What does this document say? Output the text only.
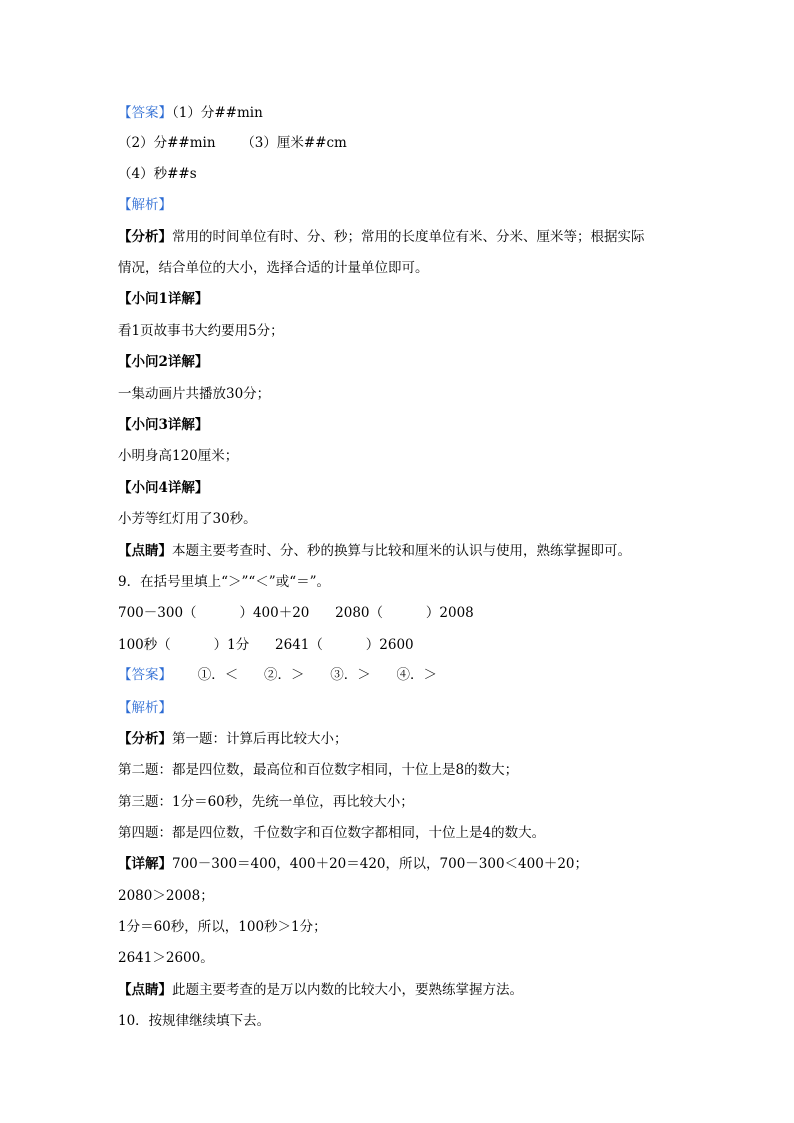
【答案】（1）分##min
（2）分##min      （3）厘米##cm
（4）秒##s
【解析】
【分析】常用的时间单位有时、分、秒；常用的长度单位有米、分米、厘米等；根据实际
情况，结合单位的大小，选择合适的计量单位即可。
【小问1详解】
看1页故事书大约要用5分；
【小问2详解】
一集动画片共播放30分；
【小问3详解】
小明身高120厘米；
【小问4详解】
小芳等红灯用了30秒。
【点睛】本题主要考查时、分、秒的换算与比较和厘米的认识与使用，熟练掌握即可。
9．在括号里填上“＞”“＜”或“＝”。
700－300（          ）400＋20      2080（          ）2008
100秒（          ）1分      2641（          ）2600
【答案】      ①．＜      ②．＞      ③．＞      ④．＞
【解析】
【分析】第一题：计算后再比较大小；
第二题：都是四位数，最高位和百位数字相同，十位上是8的数大；
第三题：1分＝60秒，先统一单位，再比较大小；
第四题：都是四位数，千位数字和百位数字都相同，十位上是4的数大。
【详解】700－300＝400，400＋20＝420，所以，700－300＜400＋20；
2080＞2008；
1分＝60秒，所以，100秒＞1分；
2641＞2600。
【点睛】此题主要考查的是万以内数的比较大小，要熟练掌握方法。
10．按规律继续填下去。
